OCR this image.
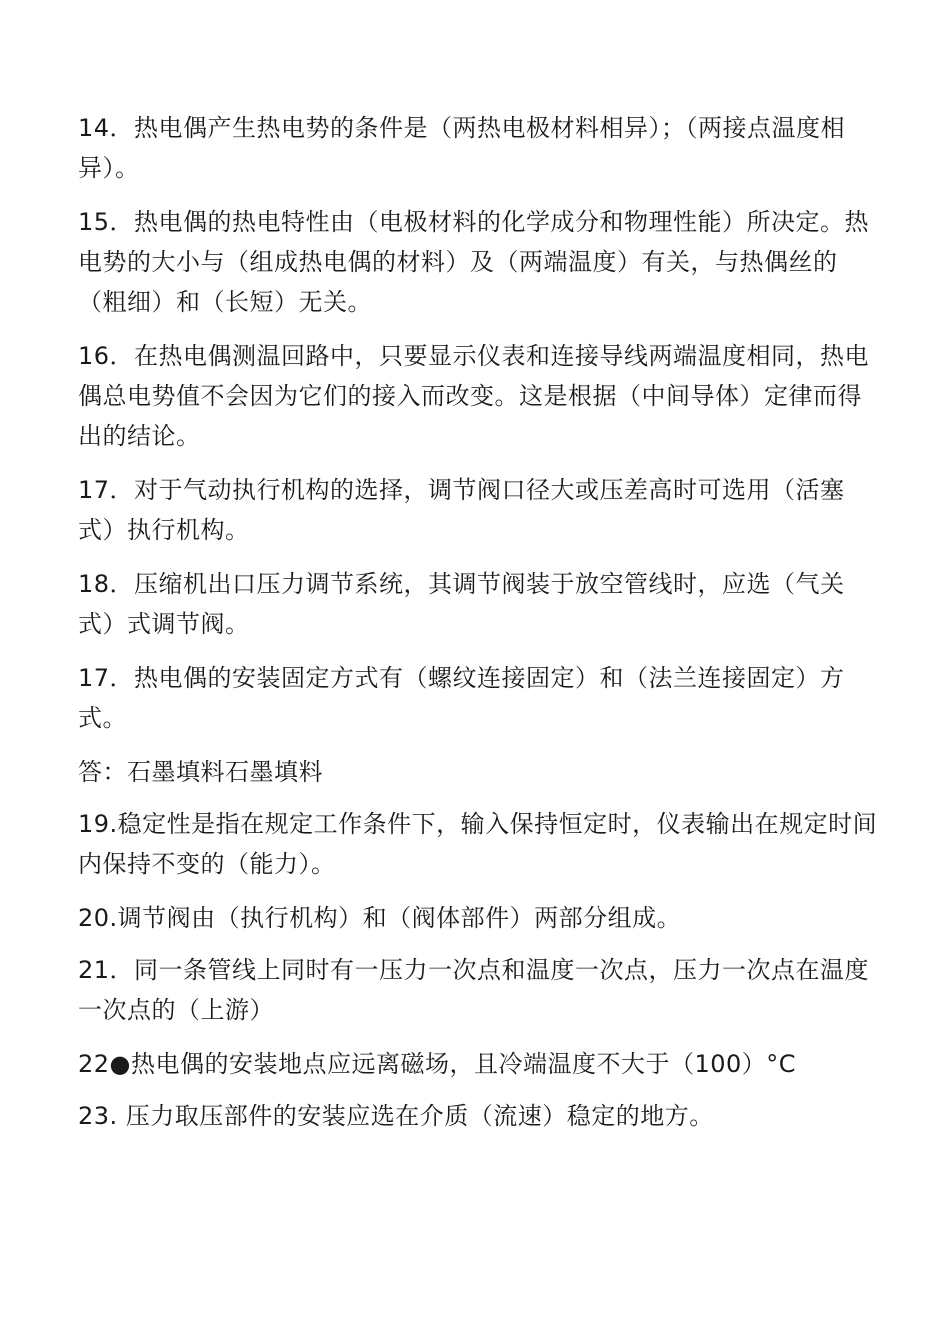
14．热电偶产生热电势的条件是（两热电极材料相异）；（两接点温度相异）。

15．热电偶的热电特性由（电极材料的化学成分和物理性能）所决定。热电势的大小与（组成热电偶的材料）及（两端温度）有关，与热偶丝的（粗细）和（长短）无关。

16．在热电偶测温回路中，只要显示仪表和连接导线两端温度相同，热电偶总电势值不会因为它们的接入而改变。这是根据（中间导体）定律而得出的结论。

17．对于气动执行机构的选择，调节阀口径大或压差高时可选用（活塞式）执行机构。

18．压缩机出口压力调节系统，其调节阀装于放空管线时，应选（气关式）式调节阀。

17．热电偶的安装固定方式有（螺纹连接固定）和（法兰连接固定）方式。

答：石墨填料石墨填料

19.稳定性是指在规定工作条件下，输入保持恒定时，仪表输出在规定时间内保持不变的（能力）。

20.调节阀由（执行机构）和（阀体部件）两部分组成。

21．同一条管线上同时有一压力一次点和温度一次点，压力一次点在温度一次点的（上游）

22●热电偶的安装地点应远离磁场，且冷端温度不大于（100）°C

23. 压力取压部件的安装应选在介质（流速）稳定的地方。
